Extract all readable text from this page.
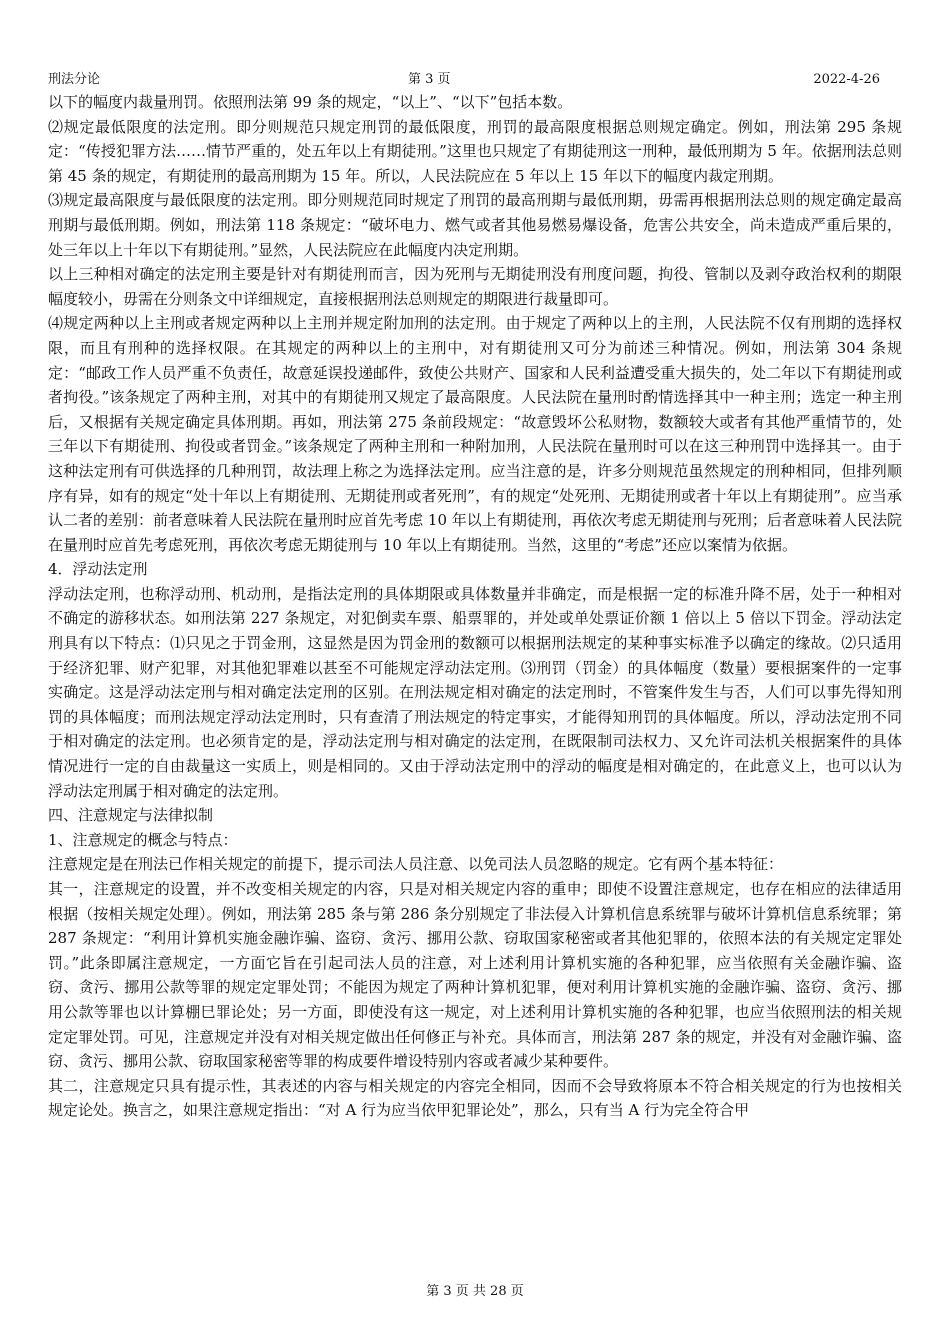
刑法分论	第 3 页	2022-4-26

以下的幅度内裁量刑罚。依照刑法第 99 条的规定，“以上”、“以下”包括本数。

⑵规定最低限度的法定刑。即分则规范只规定刑罚的最低限度，刑罚的最高限度根据总则规定确定。例如，刑法第 295 条规定：“传授犯罪方法……情节严重的，处五年以上有期徒刑。”这里也只规定了有期徒刑这一刑种，最低刑期为 5 年。依据刑法总则第 45 条的规定，有期徒刑的最高刑期为 15 年。所以，人民法院应在 5 年以上 15 年以下的幅度内裁定刑期。

⑶规定最高限度与最低限度的法定刑。即分则规范同时规定了刑罚的最高刑期与最低刑期，毋需再根据刑法总则的规定确定最高刑期与最低刑期。例如，刑法第 118 条规定：“破坏电力、燃气或者其他易燃易爆设备，危害公共安全，尚未造成严重后果的，处三年以上十年以下有期徒刑。”显然，人民法院应在此幅度内决定刑期。

以上三种相对确定的法定刑主要是针对有期徒刑而言，因为死刑与无期徒刑没有刑度问题，拘役、管制以及剥夺政治权利的期限幅度较小，毋需在分则条文中详细规定，直接根据刑法总则规定的期限进行裁量即可。

⑷规定两种以上主刑或者规定两种以上主刑并规定附加刑的法定刑。由于规定了两种以上的主刑，人民法院不仅有刑期的选择权限，而且有刑种的选择权限。在其规定的两种以上的主刑中，对有期徒刑又可分为前述三种情况。例如，刑法第 304 条规定：“邮政工作人员严重不负责任，故意延误投递邮件，致使公共财产、国家和人民利益遭受重大损失的，处二年以下有期徒刑或者拘役。”该条规定了两种主刑，对其中的有期徒刑又规定了最高限度。人民法院在量刑时酌情选择其中一种主刑；选定一种主刑后，又根据有关规定确定具体刑期。再如，刑法第 275 条前段规定：“故意毁坏公私财物，数额较大或者有其他严重情节的，处三年以下有期徒刑、拘役或者罚金。”该条规定了两种主刑和一种附加刑，人民法院在量刑时可以在这三种刑罚中选择其一。由于这种法定刑有可供选择的几种刑罚，故法理上称之为选择法定刑。应当注意的是，许多分则规范虽然规定的刑种相同，但排列顺序有异，如有的规定“处十年以上有期徒刑、无期徒刑或者死刑”，有的规定“处死刑、无期徒刑或者十年以上有期徒刑”。应当承认二者的差别：前者意味着人民法院在量刑时应首先考虑 10 年以上有期徒刑，再依次考虑无期徒刑与死刑；后者意味着人民法院在量刑时应首先考虑死刑，再依次考虑无期徒刑与 10 年以上有期徒刑。当然，这里的“考虑”还应以案情为依据。

4．浮动法定刑

浮动法定刑，也称浮动刑、机动刑，是指法定刑的具体期限或具体数量并非确定，而是根据一定的标准升降不居，处于一种相对不确定的游移状态。如刑法第 227 条规定，对犯倒卖车票、船票罪的，并处或单处票证价额 1 倍以上 5 倍以下罚金。浮动法定刑具有以下特点：⑴只见之于罚金刑，这显然是因为罚金刑的数额可以根据刑法规定的某种事实标准予以确定的缘故。⑵只适用于经济犯罪、财产犯罪，对其他犯罪难以甚至不可能规定浮动法定刑。⑶刑罚（罚金）的具体幅度（数量）要根据案件的一定事实确定。这是浮动法定刑与相对确定法定刑的区别。在刑法规定相对确定的法定刑时，不管案件发生与否，人们可以事先得知刑罚的具体幅度；而刑法规定浮动法定刑时，只有查清了刑法规定的特定事实，才能得知刑罚的具体幅度。所以，浮动法定刑不同于相对确定的法定刑。也必须肯定的是，浮动法定刑与相对确定的法定刑，在既限制司法权力、又允许司法机关根据案件的具体情况进行一定的自由裁量这一实质上，则是相同的。又由于浮动法定刑中的浮动的幅度是相对确定的，在此意义上，也可以认为浮动法定刑属于相对确定的法定刑。

四、注意规定与法律拟制

1、注意规定的概念与特点：

注意规定是在刑法已作相关规定的前提下，提示司法人员注意、以免司法人员忽略的规定。它有两个基本特征：

其一，注意规定的设置，并不改变相关规定的内容，只是对相关规定内容的重申；即使不设置注意规定，也存在相应的法律适用根据（按相关规定处理）。例如，刑法第 285 条与第 286 条分别规定了非法侵入计算机信息系统罪与破坏计算机信息系统罪；第 287 条规定：“利用计算机实施金融诈骗、盗窃、贪污、挪用公款、窃取国家秘密或者其他犯罪的，依照本法的有关规定定罪处罚。”此条即属注意规定，一方面它旨在引起司法人员的注意，对上述利用计算机实施的各种犯罪，应当依照有关金融诈骗、盗窃、贪污、挪用公款等罪的规定定罪处罚；不能因为规定了两种计算机犯罪，便对利用计算机实施的金融诈骗、盗窃、贪污、挪用公款等罪也以计算棚巳罪论处；另一方面，即使没有这一规定，对上述利用计算机实施的各种犯罪，也应当依照刑法的相关规定定罪处罚。可见，注意规定并没有对相关规定做出任何修正与补充。具体而言，刑法第 287 条的规定，并没有对金融诈骗、盗窃、贪污、挪用公款、窃取国家秘密等罪的构成要件增设特别内容或者减少某种要件。

其二，注意规定只具有提示性，其表述的内容与相关规定的内容完全相同，因而不会导致将原本不符合相关规定的行为也按相关规定论处。换言之，如果注意规定指出：“对 A 行为应当依甲犯罪论处”，那么，只有当 A 行为完全符合甲

第 3 页 共 28 页
